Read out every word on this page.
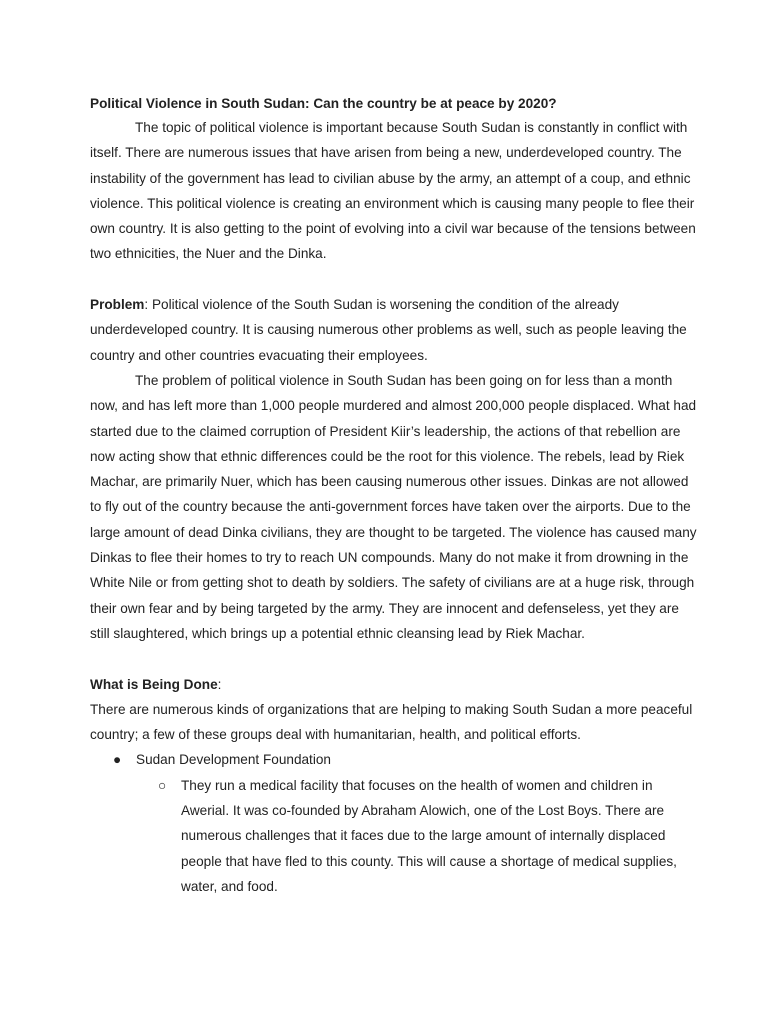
Political Violence in South Sudan: Can the country be at peace by 2020?

The topic of political violence is important because South Sudan is constantly in conflict with itself. There are numerous issues that have arisen from being a new, underdeveloped country. The instability of the government has lead to civilian abuse by the army, an attempt of a coup, and ethnic violence. This political violence is creating an environment which is causing many people to flee their own country. It is also getting to the point of evolving into a civil war because of the tensions between two ethnicities, the Nuer and the Dinka.

Problem: Political violence of the South Sudan is worsening the condition of the already underdeveloped country. It is causing numerous other problems as well, such as people leaving the country and other countries evacuating their employees.

The problem of political violence in South Sudan has been going on for less than a month now, and has left more than 1,000 people murdered and almost 200,000 people displaced. What had started due to the claimed corruption of President Kiir’s leadership, the actions of that rebellion are now acting show that ethnic differences could be the root for this violence. The rebels, lead by Riek Machar, are primarily Nuer, which has been causing numerous other issues. Dinkas are not allowed to fly out of the country because the anti-government forces have taken over the airports. Due to the large amount of dead Dinka civilians, they are thought to be targeted. The violence has caused many Dinkas to flee their homes to try to reach UN compounds. Many do not make it from drowning in the White Nile or from getting shot to death by soldiers. The safety of civilians are at a huge risk, through their own fear and by being targeted by the army. They are innocent and defenseless, yet they are still slaughtered, which brings up a potential ethnic cleansing lead by Riek Machar.

What is Being Done:

There are numerous kinds of organizations that are helping to making South Sudan a more peaceful country; a few of these groups deal with humanitarian, health, and political efforts.

● Sudan Development Foundation
○ They run a medical facility that focuses on the health of women and children in Awerial. It was co-founded by Abraham Alowich, one of the Lost Boys. There are numerous challenges that it faces due to the large amount of internally displaced people that have fled to this county. This will cause a shortage of medical supplies, water, and food.
